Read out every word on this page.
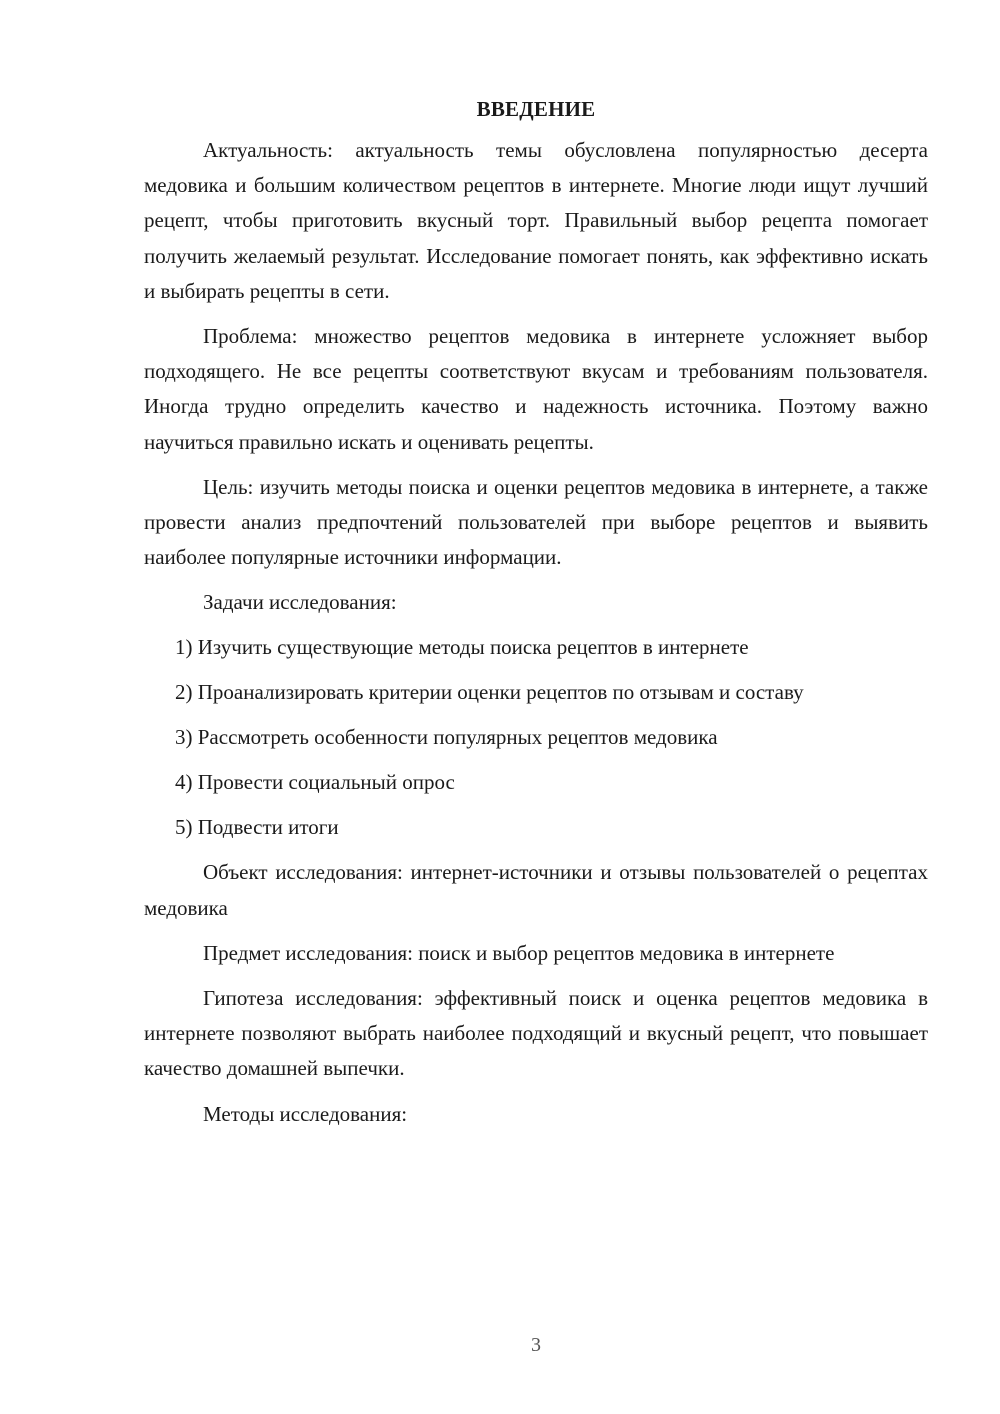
ВВЕДЕНИЕ

Актуальность: актуальность темы обусловлена популярностью десерта медовика и большим количеством рецептов в интернете. Многие люди ищут лучший рецепт, чтобы приготовить вкусный торт. Правильный выбор рецепта помогает получить желаемый результат. Исследование помогает понять, как эффективно искать и выбирать рецепты в сети.

Проблема: множество рецептов медовика в интернете усложняет выбор подходящего. Не все рецепты соответствуют вкусам и требованиям пользователя. Иногда трудно определить качество и надежность источника. Поэтому важно научиться правильно искать и оценивать рецепты.

Цель: изучить методы поиска и оценки рецептов медовика в интернете, а также провести анализ предпочтений пользователей при выборе рецептов и выявить наиболее популярные источники информации.

Задачи исследования:

1) Изучить существующие методы поиска рецептов в интернете
2) Проанализировать критерии оценки рецептов по отзывам и составу
3) Рассмотреть особенности популярных рецептов медовика
4) Провести социальный опрос
5) Подвести итоги

Объект исследования: интернет-источники и отзывы пользователей о рецептах медовика

Предмет исследования: поиск и выбор рецептов медовика в интернете

Гипотеза исследования: эффективный поиск и оценка рецептов медовика в интернете позволяют выбрать наиболее подходящий и вкусный рецепт, что повышает качество домашней выпечки.

Методы исследования:

3
